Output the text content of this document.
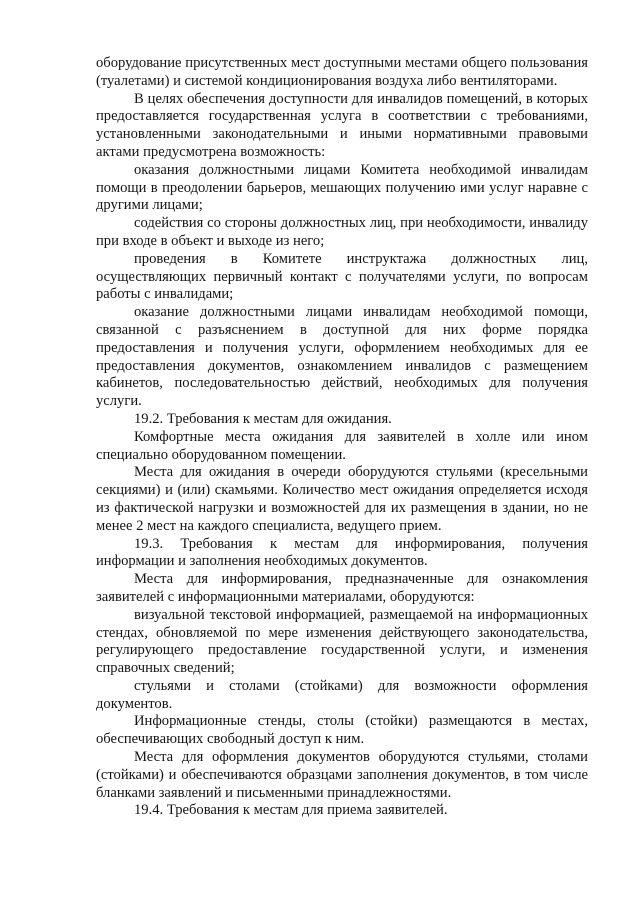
оборудование присутственных мест доступными местами общего пользования (туалетами) и системой кондиционирования воздуха либо вентиляторами.

В целях обеспечения доступности для инвалидов помещений, в которых предоставляется государственная услуга в соответствии с требованиями, установленными законодательными и иными нормативными правовыми актами предусмотрена возможность:

оказания должностными лицами Комитета необходимой инвалидам помощи в преодолении барьеров, мешающих получению ими услуг наравне с другими лицами;

содействия со стороны должностных лиц, при необходимости, инвалиду при входе в объект и выходе из него;

проведения в Комитете инструктажа должностных лиц, осуществляющих первичный контакт с получателями услуги, по вопросам работы с инвалидами;

оказание должностными лицами инвалидам необходимой помощи, связанной с разъяснением в доступной для них форме порядка предоставления и получения услуги, оформлением необходимых для ее предоставления документов, ознакомлением инвалидов с размещением кабинетов, последовательностью действий, необходимых для получения услуги.

19.2. Требования к местам для ожидания.

Комфортные места ожидания для заявителей в холле или ином специально оборудованном помещении.

Места для ожидания в очереди оборудуются стульями (кресельными секциями) и (или) скамьями. Количество мест ожидания определяется исходя из фактической нагрузки и возможностей для их размещения в здании, но не менее 2 мест на каждого специалиста, ведущего прием.

19.3. Требования к местам для информирования, получения информации и заполнения необходимых документов.

Места для информирования, предназначенные для ознакомления заявителей с информационными материалами, оборудуются:

визуальной текстовой информацией, размещаемой на информационных стендах, обновляемой по мере изменения действующего законодательства, регулирующего предоставление государственной услуги, и изменения справочных сведений;

стульями и столами (стойками) для возможности оформления документов.

Информационные стенды, столы (стойки) размещаются в местах, обеспечивающих свободный доступ к ним.

Места для оформления документов оборудуются стульями, столами (стойками) и обеспечиваются образцами заполнения документов, в том числе бланками заявлений и письменными принадлежностями.

19.4. Требования к местам для приема заявителей.
